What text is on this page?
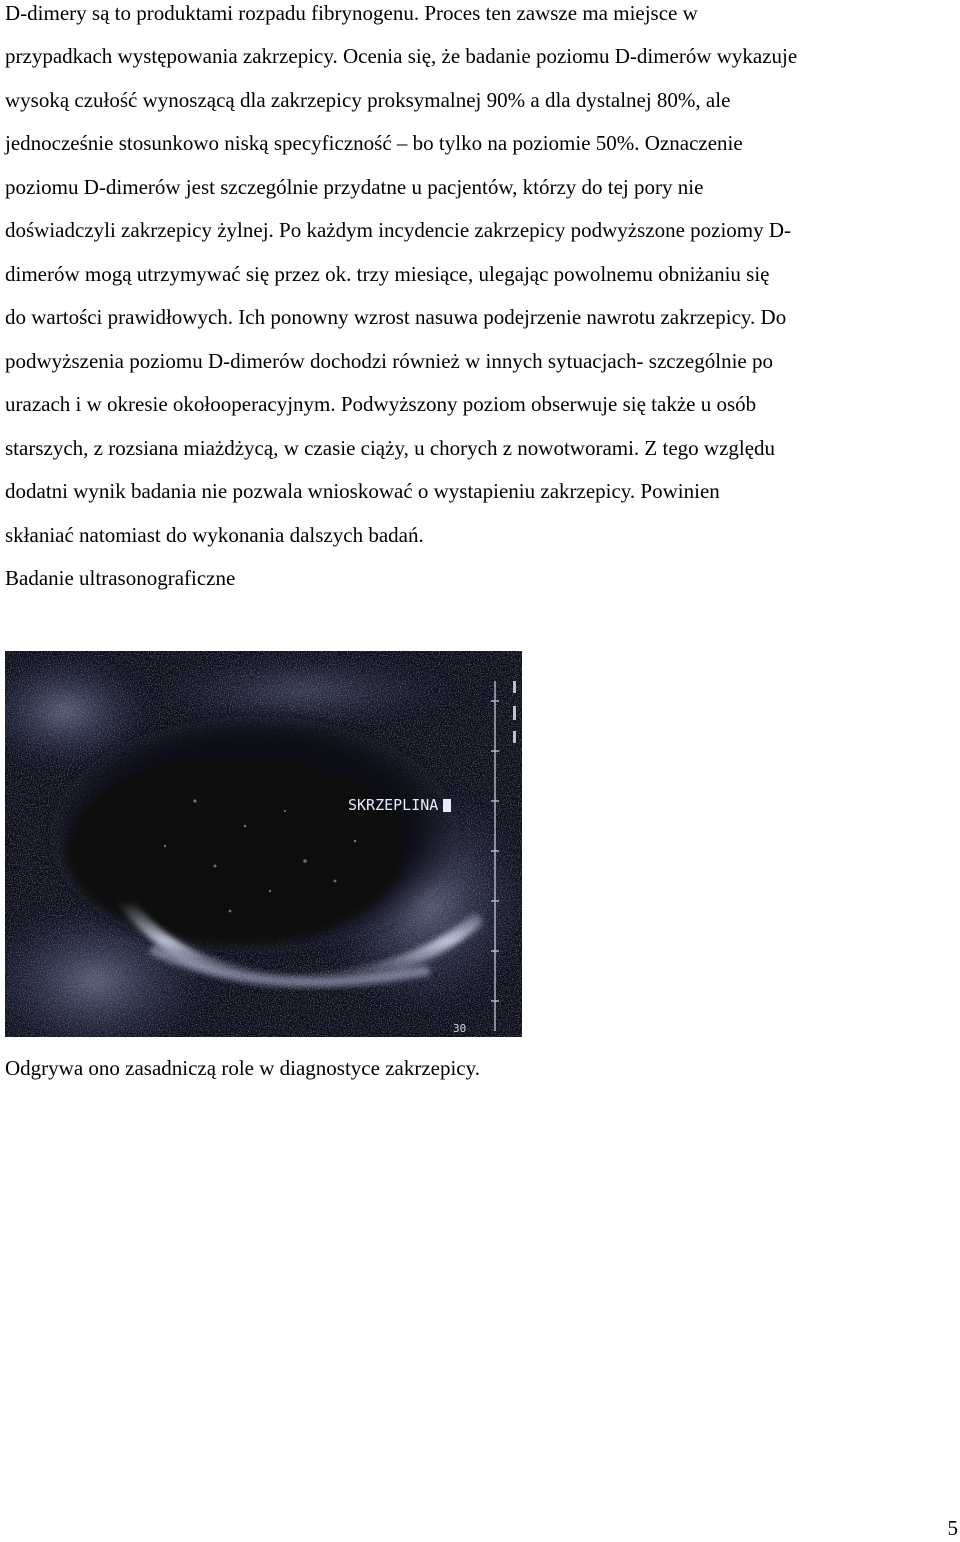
D-dimery są to produktami rozpadu fibrynogenu. Proces ten zawsze ma miejsce w
przypadkach występowania zakrzepicy. Ocenia się, że badanie poziomu D-dimerów wykazuje
wysoką czułość wynoszącą dla zakrzepicy proksymalnej 90% a dla dystalnej 80%, ale
jednocześnie stosunkowo niską specyficzność – bo tylko na poziomie 50%. Oznaczenie
poziomu D-dimerów jest szczególnie przydatne u pacjentów, którzy do tej pory nie
doświadczyli zakrzepicy żylnej. Po każdym incydencie zakrzepicy podwyższone poziomy D-
dimerów mogą utrzymywać się przez ok. trzy miesiące, ulegając powolnemu obniżaniu się
do wartości prawidłowych. Ich ponowny wzrost nasuwa podejrzenie nawrotu zakrzepicy. Do
podwyższenia poziomu D-dimerów dochodzi również w innych sytuacjach- szczególnie po
urazach i w okresie okołooperacyjnym. Podwyższony poziom obserwuje się także u osób
starszych, z rozsiana miażdżycą, w czasie ciąży, u chorych z nowotworami. Z tego względu
dodatni wynik badania nie pozwala wnioskować o wystapieniu zakrzepicy. Powinien
skłaniać natomiast do wykonania dalszych badań.
Badanie ultrasonograficzne
SKRZEPLINA
30
Odgrywa ono zasadniczą role w diagnostyce zakrzepicy.
5
